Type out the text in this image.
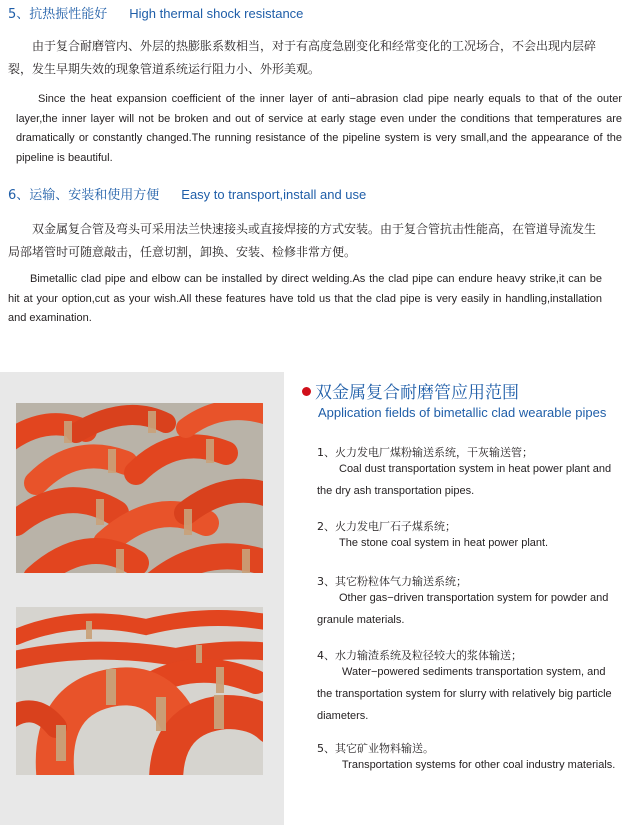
5、抗热振性能好 High thermal shock resistance
由于复合耐磨管内、外层的热膨胀系数相当，对于有高度急剧变化和经常变化的工况场合，不会出现内层碎裂，发生早期失效的现象管道系统运行阻力小、外形美观。
Since the heat expansion coefficient of the inner layer of anti−abrasion clad pipe nearly equals to that of the outer layer,the inner layer will not be broken and out of service at early stage even under the conditions that temperatures are dramatically or constantly changed.The running resistance of the pipeline system is very small,and the appearance of the pipeline is beautiful.
6、运输、安装和使用方便 Easy to transport,install and use
双金属复合管及弯头可采用法兰快速接头或直接焊接的方式安装。由于复合管抗击性能高，在管道导流发生局部堵管时可随意敲击，任意切割，卸换、安装、检修非常方便。
Bimetallic clad pipe and elbow can be installed by direct welding.As the clad pipe can endure heavy strike,it can be hit at your option,cut as your wish.All these features have told us that the clad pipe is very easily in handling,installation and examination.
双金属复合耐磨管应用范围
Application fields of bimetallic clad wearable pipes
1、火力发电厂煤粉输送系统，干灰输送管；
Coal dust transportation system in heat power plant and the dry ash transportation pipes.
2、火力发电厂石子煤系统；
The stone coal system in heat power plant.
3、其它粉粒体气力输送系统；
Other gas−driven transportation system for powder and granule materials.
4、水力输渣系统及粒径较大的浆体输送；
Water−powered sediments transportation system, and the transportation system for slurry with relatively big particle diameters.
5、其它矿业物料输送。
Transportation systems for other coal industry materials.
